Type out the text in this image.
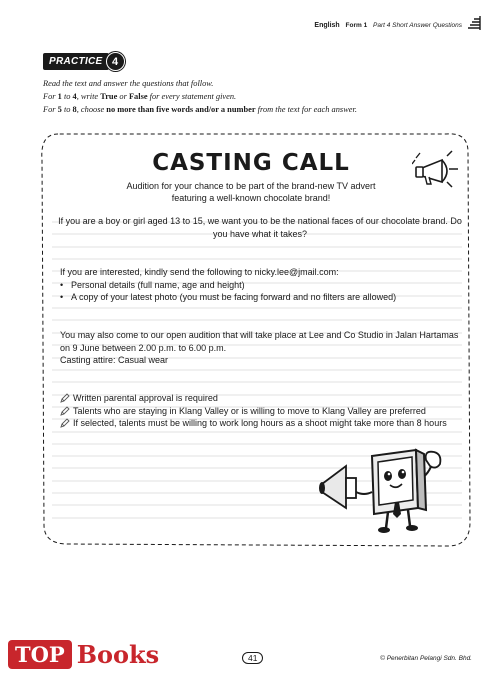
English Form 1 Part 4 Short Answer Questions
PRACTICE 4
Read the text and answer the questions that follow.
For 1 to 4, write True or False for every statement given.
For 5 to 8, choose no more than five words and/or a number from the text for each answer.
CASTING CALL
Audition for your chance to be part of the brand-new TV advert
featuring a well-known chocolate brand!
If you are a boy or girl aged 13 to 15, we want you to be the national faces of our chocolate brand. Do you have what it takes?
If you are interested, kindly send the following to nicky.lee@jmail.com:
• Personal details (full name, age and height)
• A copy of your latest photo (you must be facing forward and no filters are allowed)
You may also come to our open audition that will take place at Lee and Co Studio in Jalan Hartamas on 9 June between 2.00 p.m. to 6.00 p.m.
Casting attire: Casual wear
Written parental approval is required
Talents who are staying in Klang Valley or is willing to move to Klang Valley are preferred
If selected, talents must be willing to work long hours as a shoot might take more than 8 hours
41	© Penerbitan Pelangi Sdn. Bhd.
TOP Books
